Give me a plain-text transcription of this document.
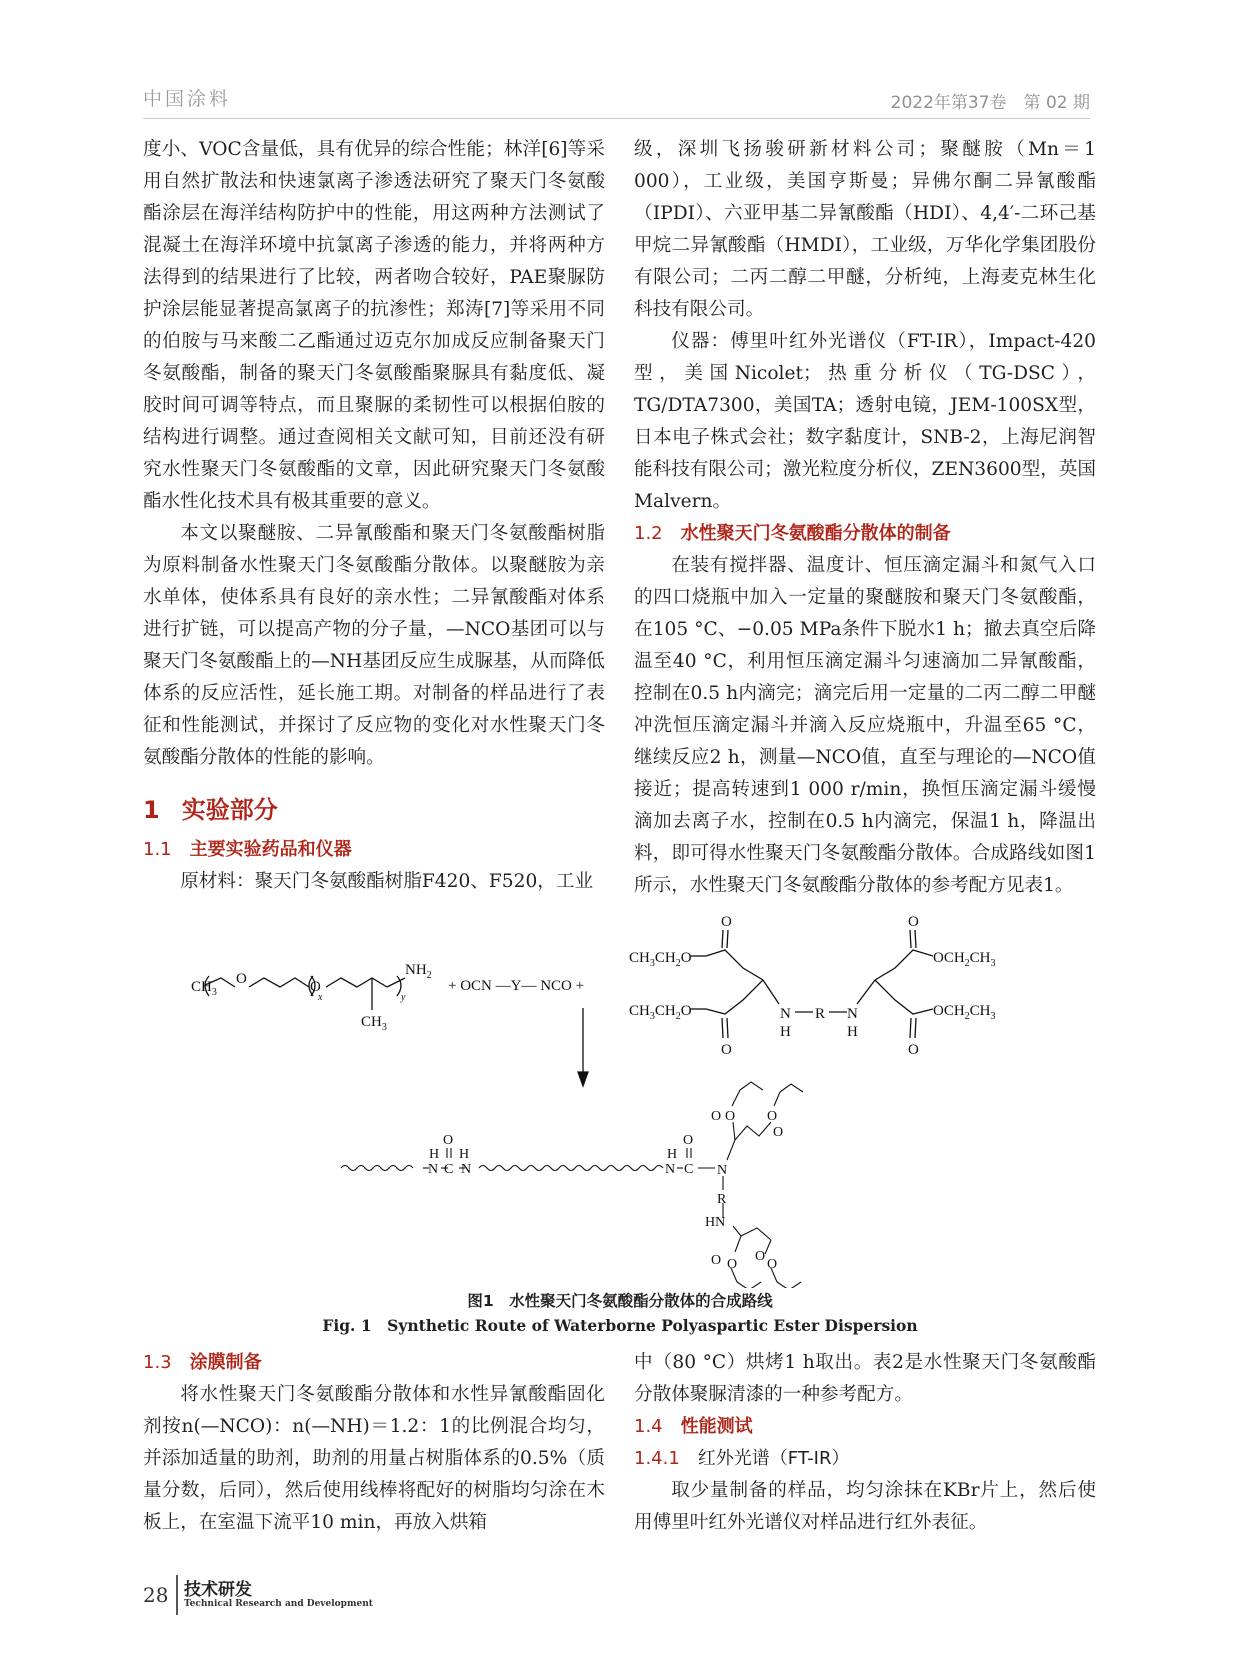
中国涂料	2022年第37卷　第 02 期

度小、VOC含量低，具有优异的综合性能；林洋[6]等采用自然扩散法和快速氯离子渗透法研究了聚天门冬氨酸酯涂层在海洋结构防护中的性能，用这两种方法测试了混凝土在海洋环境中抗氯离子渗透的能力，并将两种方法得到的结果进行了比较，两者吻合较好，PAE聚脲防护涂层能显著提高氯离子的抗渗性；郑涛[7]等采用不同的伯胺与马来酸二乙酯通过迈克尔加成反应制备聚天门冬氨酸酯，制备的聚天门冬氨酸酯聚脲具有黏度低、凝胶时间可调等特点，而且聚脲的柔韧性可以根据伯胺的结构进行调整。通过查阅相关文献可知，目前还没有研究水性聚天门冬氨酸酯的文章，因此研究聚天门冬氨酸酯水性化技术具有极其重要的意义。

本文以聚醚胺、二异氰酸酯和聚天门冬氨酸酯树脂为原料制备水性聚天门冬氨酸酯分散体。以聚醚胺为亲水单体，使体系具有良好的亲水性；二异氰酸酯对体系进行扩链，可以提高产物的分子量，—NCO基团可以与聚天门冬氨酸酯上的—NH基团反应生成脲基，从而降低体系的反应活性，延长施工期。对制备的样品进行了表征和性能测试，并探讨了反应物的变化对水性聚天门冬氨酸酯分散体的性能的影响。

1 实验部分
1.1 主要实验药品和仪器

原材料：聚天门冬氨酸酯树脂F420、F520，工业

级，深圳飞扬骏研新材料公司；聚醚胺（Mn＝1 000），工业级，美国亨斯曼；异佛尔酮二异氰酸酯（IPDI）、六亚甲基二异氰酸酯（HDI）、4,4′-二环己基甲烷二异氰酸酯（HMDI），工业级，万华化学集团股份有限公司；二丙二醇二甲醚，分析纯，上海麦克林生化科技有限公司。

仪器：傅里叶红外光谱仪（FT-IR），Impact-420型，美国Nicolet；热重分析仪（TG-DSC），TG/DTA7300，美国TA；透射电镜，JEM-100SX型，日本电子株式会社；数字黏度计，SNB-2，上海尼润智能科技有限公司；激光粒度分析仪，ZEN3600型，英国Malvern。

1.2 水性聚天门冬氨酸酯分散体的制备

在装有搅拌器、温度计、恒压滴定漏斗和氮气入口的四口烧瓶中加入一定量的聚醚胺和聚天门冬氨酸酯，在105 °C、−0.05 MPa条件下脱水1 h；撤去真空后降温至40 °C，利用恒压滴定漏斗匀速滴加二异氰酸酯，控制在0.5 h内滴完；滴完后用一定量的二丙二醇二甲醚冲洗恒压滴定漏斗并滴入反应烧瓶中，升温至65 °C，继续反应2 h，测量—NCO值，直至与理论的—NCO值接近；提高转速到1 000 r/min，换恒压滴定漏斗缓慢滴加去离子水，控制在0.5 h内滴完，保温1 h，降温出料，即可得水性聚天门冬氨酸酯分散体。合成路线如图1所示，水性聚天门冬氨酸酯分散体的参考配方见表1。

$CH_3$
O	O
x	y
$NH_2$
$CH_3$
+ OCN —Y— NCO +
O	O
O	O
$CH_3CH_2O$
$CH_3CH_2O$
$OCH_2CH_3$
$OCH_2CH_3$
N
H
R N
H
H
O
H
N C N
H
O
N C N
R
HN
O O O
O
O O
O
O
图1　水性聚天门冬氨酸酯分散体的合成路线
Fig. 1　Synthetic Route of Waterborne Polyaspartic Ester Dispersion
1.3 涂膜制备

将水性聚天门冬氨酸酯分散体和水性异氰酸酯固化剂按n(—NCO)：n(—NH)＝1.2：1的比例混合均匀，并添加适量的助剂，助剂的用量占树脂体系的0.5%（质量分数，后同），然后使用线棒将配好的树脂均匀涂在木板上，在室温下流平10 min，再放入烘箱

中（80 °C）烘烤1 h取出。表2是水性聚天门冬氨酸酯分散体聚脲清漆的一种参考配方。

1.4 性能测试
1.4.1 红外光谱（FT-IR）

取少量制备的样品，均匀涂抹在KBr片上，然后使用傅里叶红外光谱仪对样品进行红外表征。

28 技术研发
Technical Research and Development
